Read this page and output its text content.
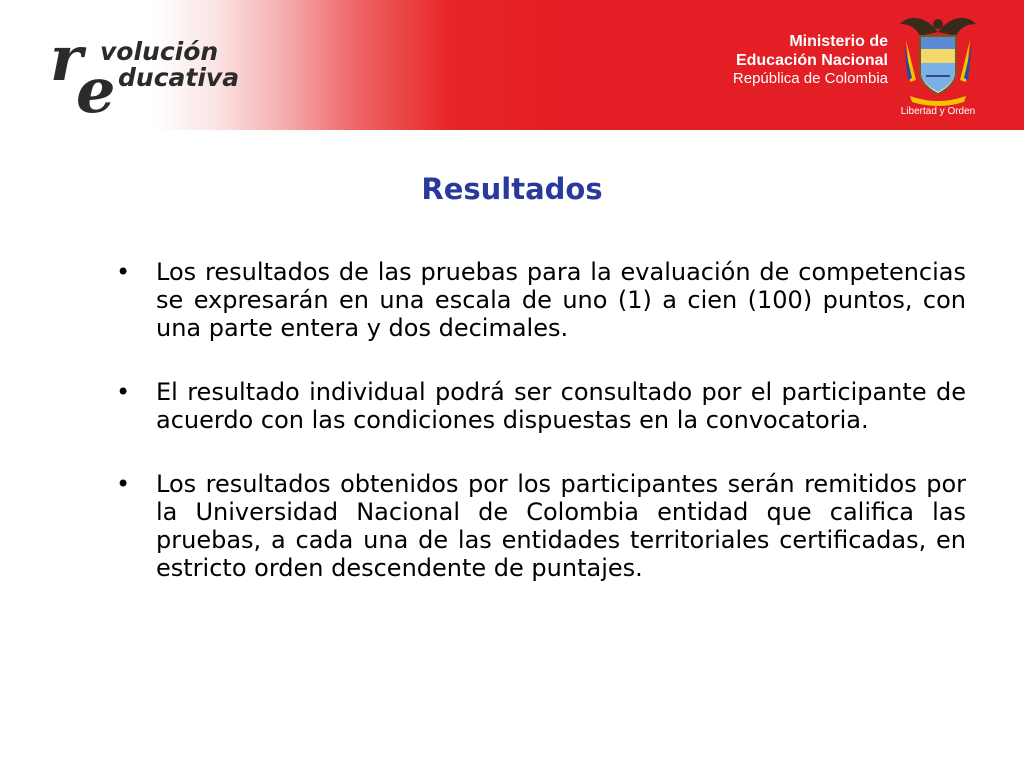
r
e
volución
ducativa
Ministerio de
Educación Nacional
República de Colombia
Libertad y Orden
Resultados
• Los resultados de las pruebas para la evaluación de competencias se expresarán en una escala de uno (1) a cien (100) puntos, con una parte entera y dos decimales.
• El resultado individual podrá ser consultado por el participante de acuerdo con las condiciones dispuestas en la convocatoria.
• Los resultados obtenidos por los participantes serán remitidos por la Universidad Nacional de Colombia entidad que califica las pruebas, a cada una de las entidades territoriales certificadas, en estricto orden descendente de puntajes.
